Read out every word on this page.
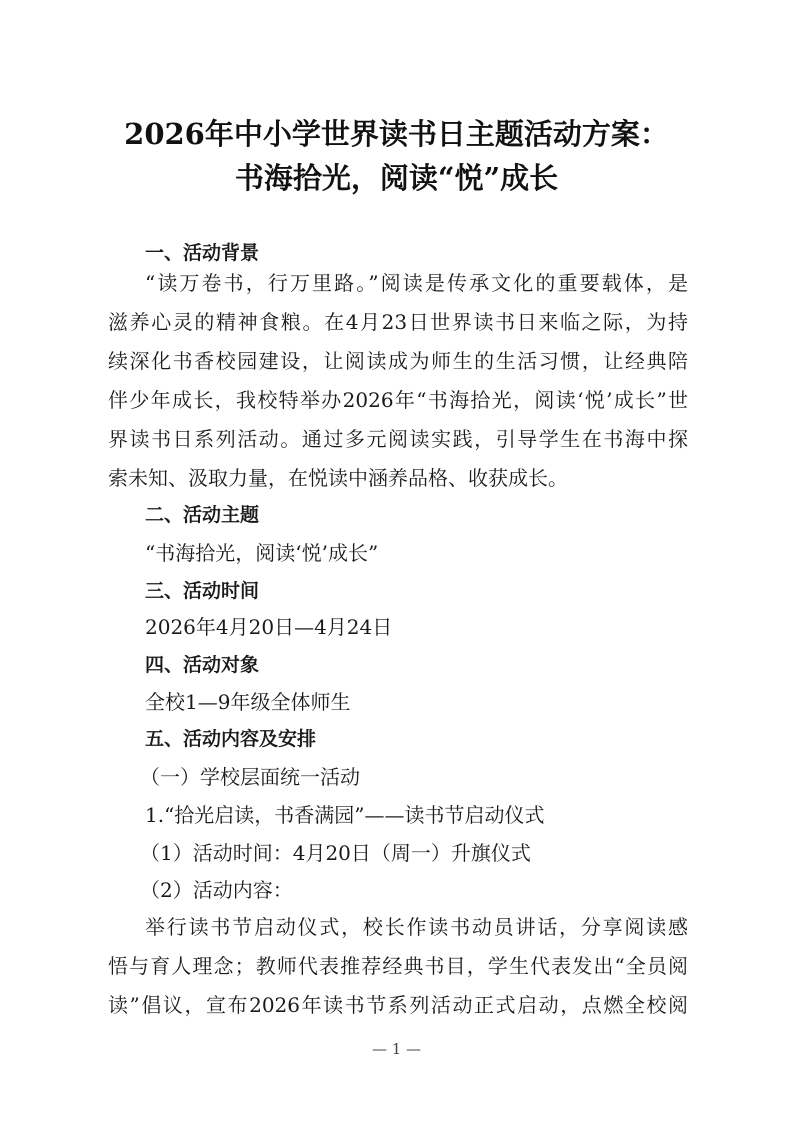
2026年中小学世界读书日主题活动方案：
书海拾光，阅读“悦”成长
一、活动背景
“读万卷书，行万里路。”阅读是传承文化的重要载体，是
滋养心灵的精神食粮。在4月23日世界读书日来临之际，为持
续深化书香校园建设，让阅读成为师生的生活习惯，让经典陪
伴少年成长，我校特举办2026年“书海拾光，阅读‘悦’成长”世
界读书日系列活动。通过多元阅读实践，引导学生在书海中探
索未知、汲取力量，在悦读中涵养品格、收获成长。
二、活动主题
“书海拾光，阅读‘悦’成长”
三、活动时间
2026年4月20日—4月24日
四、活动对象
全校1—9年级全体师生
五、活动内容及安排
（一）学校层面统一活动
1.“拾光启读，书香满园”——读书节启动仪式
（1）活动时间：4月20日（周一）升旗仪式
（2）活动内容：
举行读书节启动仪式，校长作读书动员讲话，分享阅读感
悟与育人理念；教师代表推荐经典书目，学生代表发出“全员阅
读”倡议，宣布2026年读书节系列活动正式启动，点燃全校阅
— 1 —
